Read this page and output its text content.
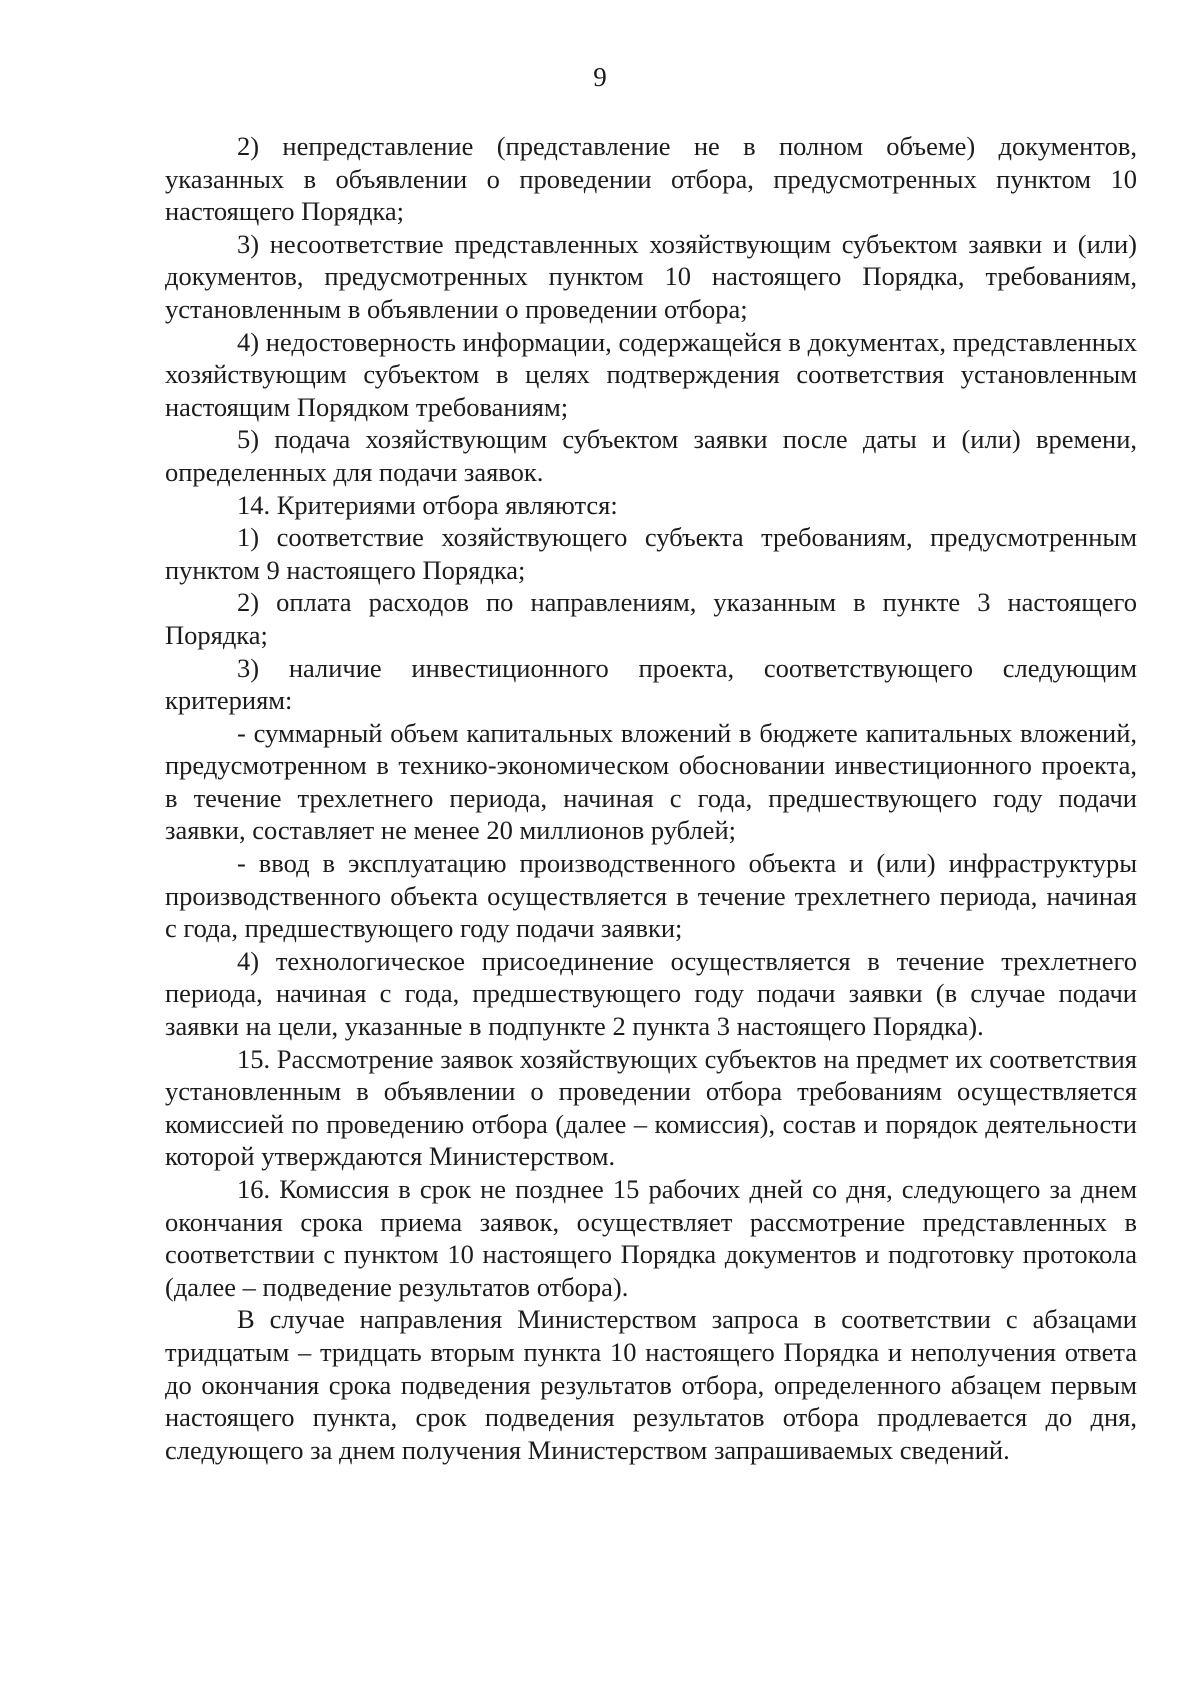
9

2) непредставление (представление не в полном объеме) документов, указанных в объявлении о проведении отбора, предусмотренных пунктом 10 настоящего Порядка;

3) несоответствие представленных хозяйствующим субъектом заявки и (или) документов, предусмотренных пунктом 10 настоящего Порядка, требованиям, установленным в объявлении о проведении отбора;

4) недостоверность информации, содержащейся в документах, представленных хозяйствующим субъектом в целях подтверждения соответствия установленным настоящим Порядком требованиям;

5) подача хозяйствующим субъектом заявки после даты и (или) времени, определенных для подачи заявок.

14. Критериями отбора являются:

1) соответствие хозяйствующего субъекта требованиям, предусмотренным пунктом 9 настоящего Порядка;

2) оплата расходов по направлениям, указанным в пункте 3 настоящего Порядка;

3) наличие инвестиционного проекта, соответствующего следующим критериям:

- суммарный объем капитальных вложений в бюджете капитальных вложений, предусмотренном в технико-экономическом обосновании инвестиционного проекта, в течение трехлетнего периода, начиная с года, предшествующего году подачи заявки, составляет не менее 20 миллионов рублей;

- ввод в эксплуатацию производственного объекта и (или) инфраструктуры производственного объекта осуществляется в течение трехлетнего периода, начиная с года, предшествующего году подачи заявки;

4) технологическое присоединение осуществляется в течение трехлетнего периода, начиная с года, предшествующего году подачи заявки (в случае подачи заявки на цели, указанные в подпункте 2 пункта 3 настоящего Порядка).

15. Рассмотрение заявок хозяйствующих субъектов на предмет их соответствия установленным в объявлении о проведении отбора требованиям осуществляется комиссией по проведению отбора (далее – комиссия), состав и порядок деятельности которой утверждаются Министерством.

16. Комиссия в срок не позднее 15 рабочих дней со дня, следующего за днем окончания срока приема заявок, осуществляет рассмотрение представленных в соответствии с пунктом 10 настоящего Порядка документов и подготовку протокола (далее – подведение результатов отбора).

В случае направления Министерством запроса в соответствии с абзацами тридцатым – тридцать вторым пункта 10 настоящего Порядка и неполучения ответа до окончания срока подведения результатов отбора, определенного абзацем первым настоящего пункта, срок подведения результатов отбора продлевается до дня, следующего за днем получения Министерством запрашиваемых сведений.
